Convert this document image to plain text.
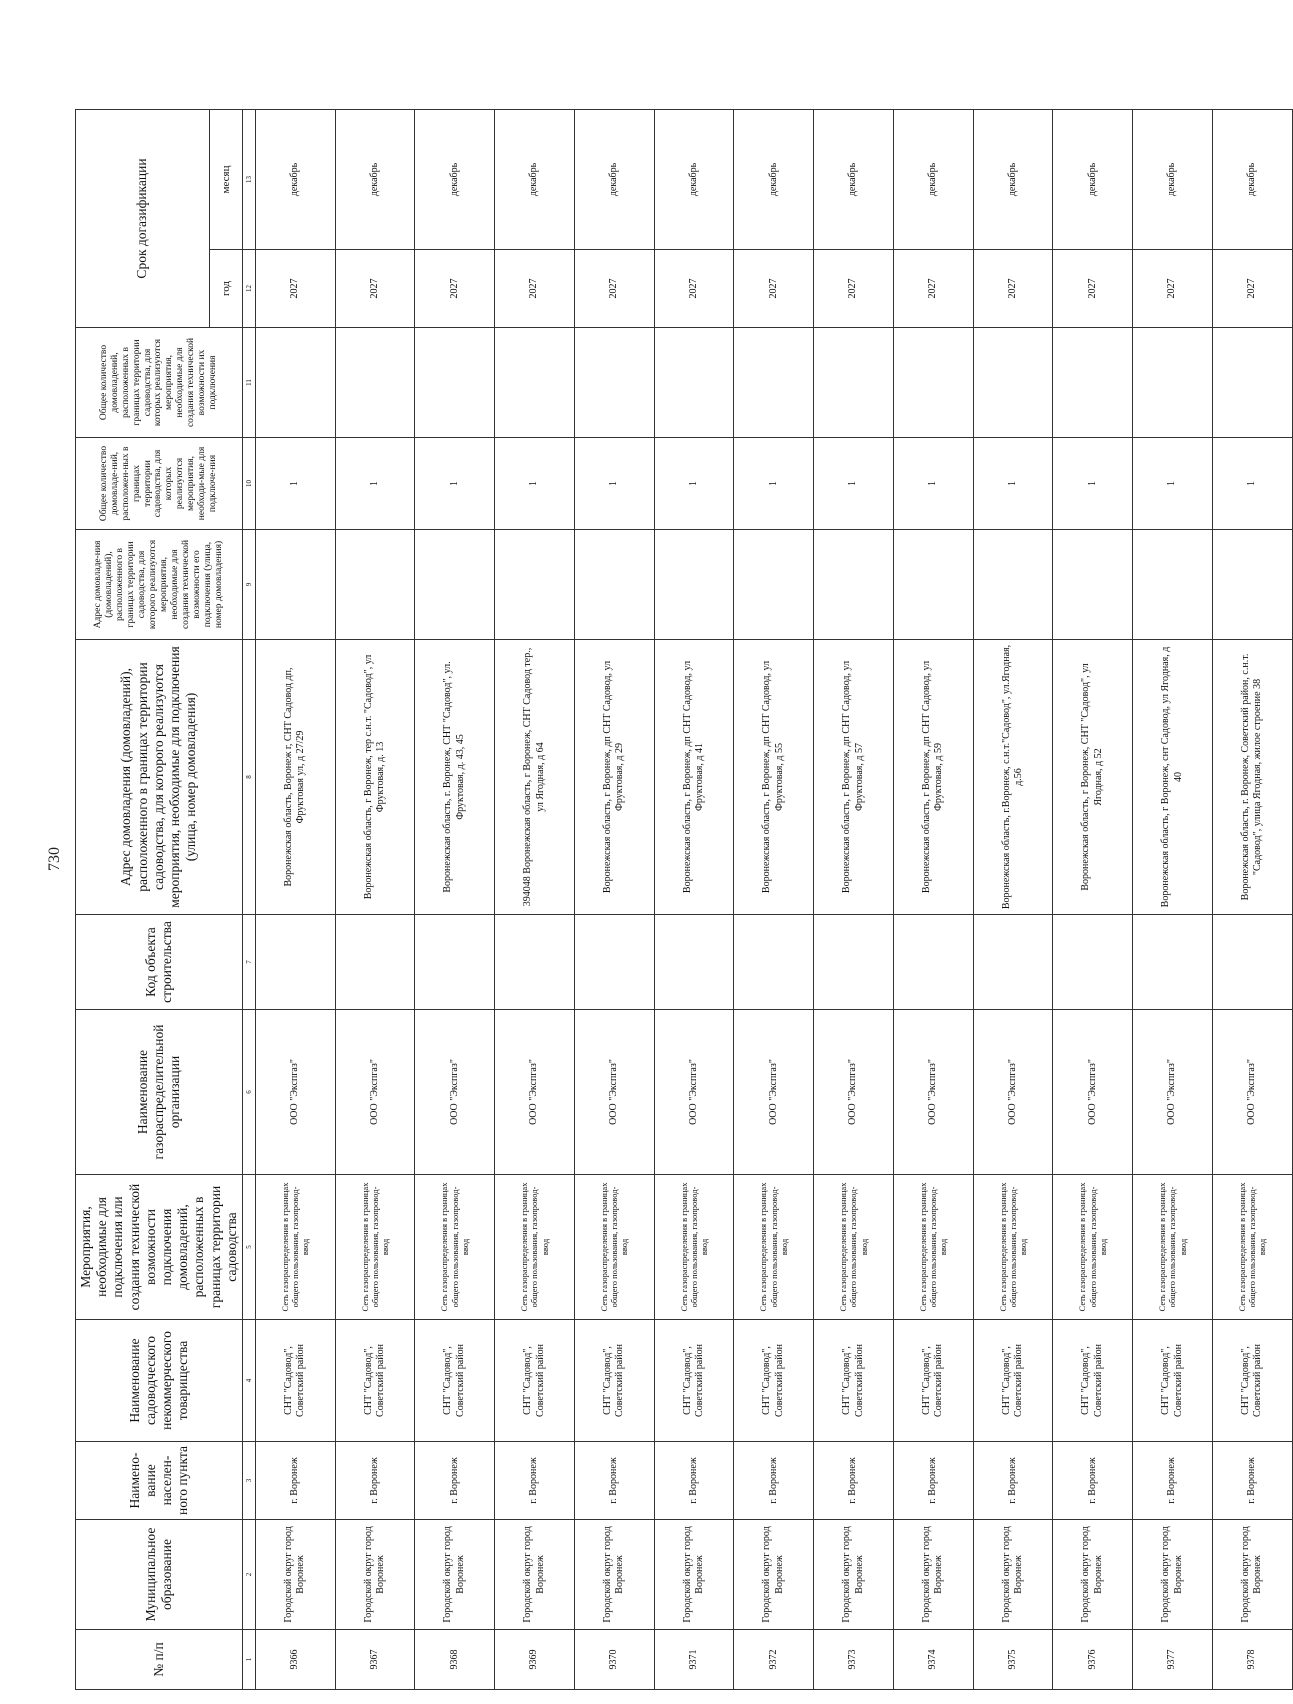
730
№ п/п	Муниципальное образование	Наимено-вание населен-ного пункта	Наименование садоводческого некоммерческого товарищества	Мероприятия, необходимые для подключения или создания технической возможности подключения домовладений, расположенных в границах территории садоводства	Наименование газораспределительной организации	Код объекта строительства	Адрес домовладения (домовладений), расположенного в границах территории садоводства, для которого реализуются мероприятия, необходимые для подключения (улица, номер домовладения)	Адрес домовладе-ния (домовладений), расположенного в границах территории садоводства, для которого реализуются мероприятия, необходимые для создания технической возможности его подключения (улица, номер домовладения)	Общее количество домовладе-ний, расположен-ных в границах территории садоводства, для которых реализуются мероприятия, необходи-мые для подключе-ния	Общее количество домовладений, расположенных в границах территории садоводства, для которых реализуются мероприятия, необходимые для создания технической возможности их подключения	Срок догазификации	
											год	месяц
1	2	3	4	5	6	7	8	9	10	11	12	13
9366	Городской округ город Воронеж	г. Воронеж	СНТ "Садовод", Советский район	Сеть газораспределения в границах общего пользования, газопровод-ввод	ООО "Экспгаз"		Воронежская область, Воронеж г, СНТ Садовод дп, Фруктовая ул, д 27/29		1		2027	декабрь
9367	Городской округ город Воронеж	г. Воронеж	СНТ "Садовод", Советский район	Сеть газораспределения в границах общего пользования, газопровод-ввод	ООО "Экспгаз"		Воронежская область, г Воронеж, тер с.н.т. "Садовод", ул Фруктовая, д. 13		1		2027	декабрь
9368	Городской округ город Воронеж	г. Воронеж	СНТ "Садовод", Советский район	Сеть газораспределения в границах общего пользования, газопровод-ввод	ООО "Экспгаз"		Воронежская область, г. Воронеж, СНТ "Садовод", ул. Фруктовая, д. 43, 45		1		2027	декабрь
9369	Городской округ город Воронеж	г. Воронеж	СНТ "Садовод", Советский район	Сеть газораспределения в границах общего пользования, газопровод-ввод	ООО "Экспгаз"		394048 Воронежская область, г Воронеж, СНТ Садовод тер., ул Ягодная, д 64		1		2027	декабрь
9370	Городской округ город Воронеж	г. Воронеж	СНТ "Садовод", Советский район	Сеть газораспределения в границах общего пользования, газопровод-ввод	ООО "Экспгаз"		Воронежская область, г Воронеж, дп СНТ Садовод, ул Фруктовая, д 29		1		2027	декабрь
9371	Городской округ город Воронеж	г. Воронеж	СНТ "Садовод", Советский район	Сеть газораспределения в границах общего пользования, газопровод-ввод	ООО "Экспгаз"		Воронежская область, г Воронеж, дп СНТ Садовод, ул Фруктовая, д 41		1		2027	декабрь
9372	Городской округ город Воронеж	г. Воронеж	СНТ "Садовод", Советский район	Сеть газораспределения в границах общего пользования, газопровод-ввод	ООО "Экспгаз"		Воронежская область, г Воронеж, дп СНТ Садовод, ул Фруктовая, д 55		1		2027	декабрь
9373	Городской округ город Воронеж	г. Воронеж	СНТ "Садовод", Советский район	Сеть газораспределения в границах общего пользования, газопровод-ввод	ООО "Экспгаз"		Воронежская область, г Воронеж, дп СНТ Садовод, ул Фруктовая, д 57		1		2027	декабрь
9374	Городской округ город Воронеж	г. Воронеж	СНТ "Садовод", Советский район	Сеть газораспределения в границах общего пользования, газопровод-ввод	ООО "Экспгаз"		Воронежская область, г Воронеж, дп СНТ Садовод, ул Фруктовая, д 59		1		2027	декабрь
9375	Городской округ город Воронеж	г. Воронеж	СНТ "Садовод", Советский район	Сеть газораспределения в границах общего пользования, газопровод-ввод	ООО "Экспгаз"		Воронежская область, г.Воронеж, с.н.т."Садовод", ул.Ягодная, д.56		1		2027	декабрь
9376	Городской округ город Воронеж	г. Воронеж	СНТ "Садовод", Советский район	Сеть газораспределения в границах общего пользования, газопровод-ввод	ООО "Экспгаз"		Воронежская область, г Воронеж, СНТ "Садовод", ул Ягодная, д 52		1		2027	декабрь
9377	Городской округ город Воронеж	г. Воронеж	СНТ "Садовод", Советский район	Сеть газораспределения в границах общего пользования, газопровод-ввод	ООО "Экспгаз"		Воронежская область, г Воронеж, снт Садовод, ул Ягодная, д 40		1		2027	декабрь
9378	Городской округ город Воронеж	г. Воронеж	СНТ "Садовод", Советский район	Сеть газораспределения в границах общего пользования, газопровод-ввод	ООО "Экспгаз"		Воронежская область, г. Воронеж, Советский район, с.н.т. "Садовод", улица Ягодная, жилое строение 38		1		2027	декабрь
